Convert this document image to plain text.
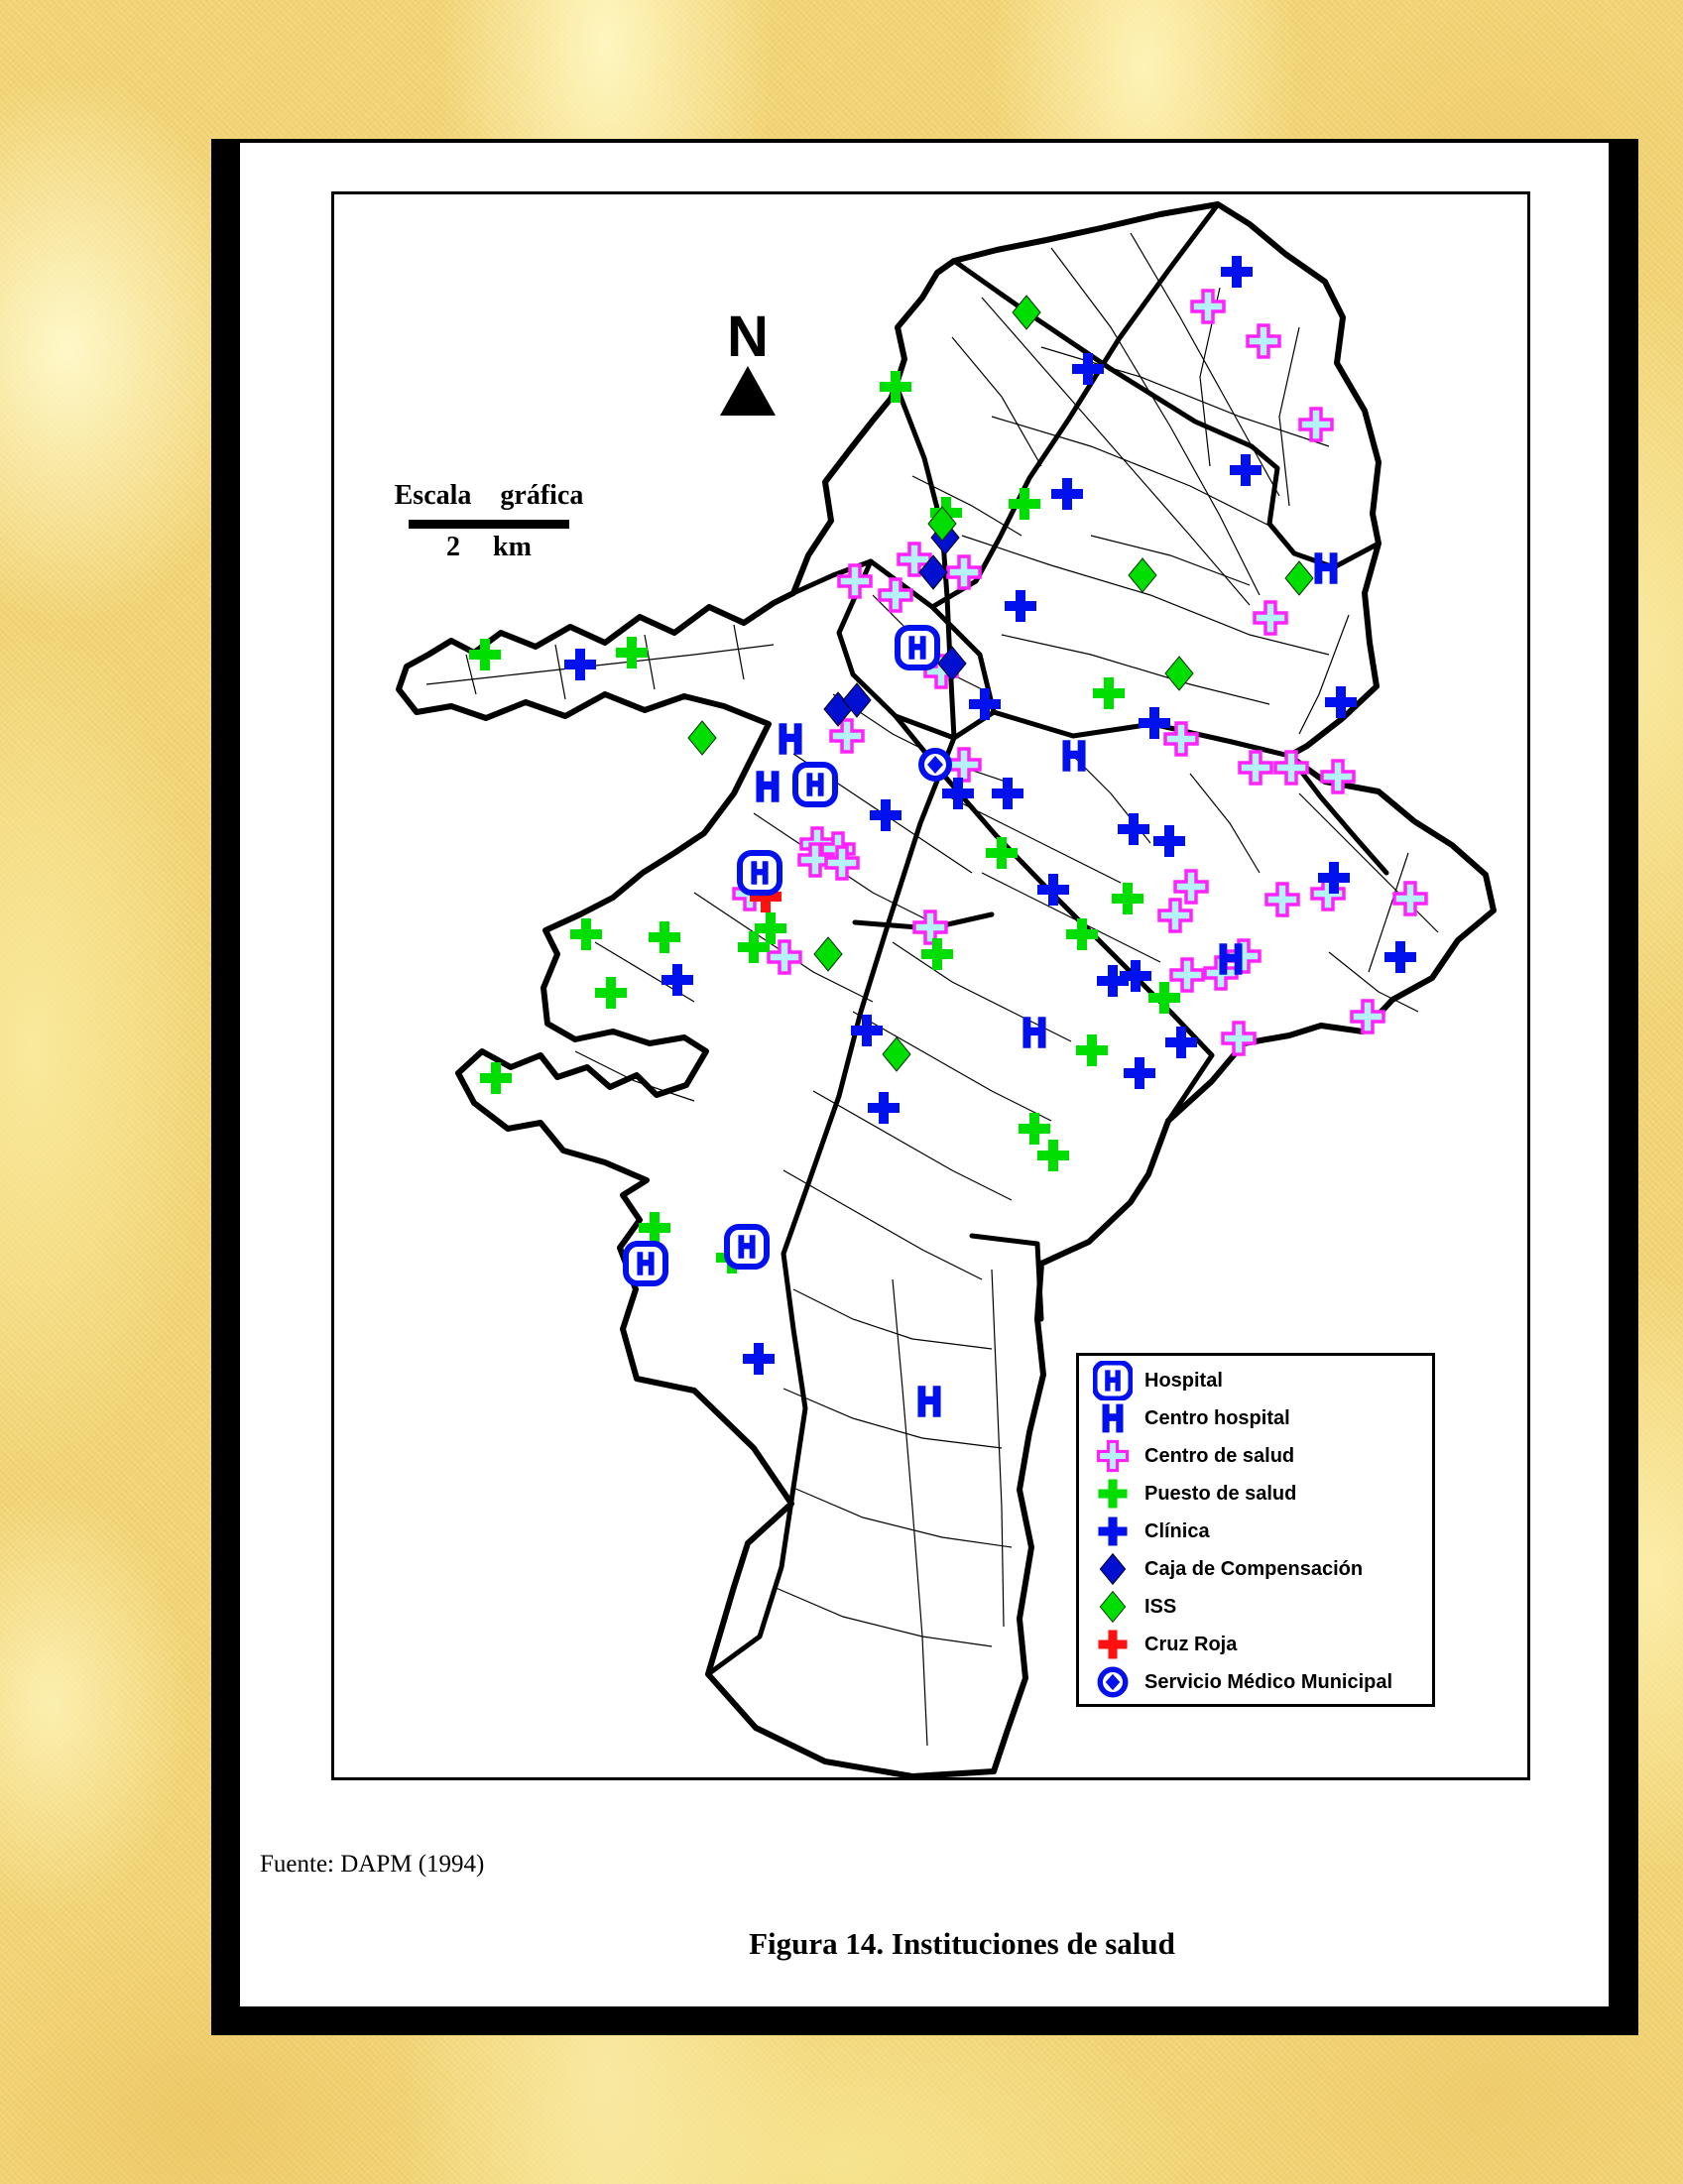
N
Escala gráfica
2 km
Hospital
Centro hospital
Centro de salud
Puesto de salud
Clínica
Caja de Compensación
ISS
Cruz Roja
Servicio Médico Municipal
Fuente: DAPM (1994)
Figura 14. Instituciones de salud
